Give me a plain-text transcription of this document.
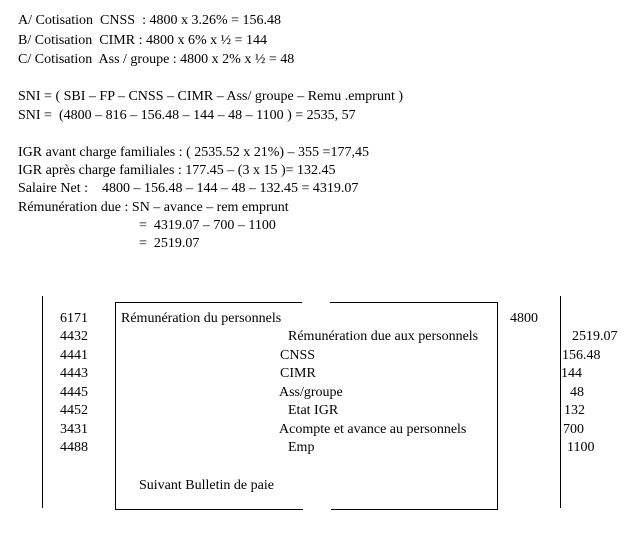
A/ Cotisation  CNSS  : 4800 x 3.26% = 156.48
B/ Cotisation  CIMR : 4800 x 6% x ½ = 144
C/ Cotisation  Ass / groupe : 4800 x 2% x ½ = 48
SNI = ( SBI – FP – CNSS – CIMR – Ass/ groupe – Remu .emprunt )
SNI =  (4800 – 816 – 156.48 – 144 – 48 – 1100 ) = 2535, 57
IGR avant charge familiales : ( 2535.52 x 21%) – 355 =177,45
IGR après charge familiales : 177.45 – (3 x 15 )= 132.45
Salaire Net :    4800 – 156.48 – 144 – 48 – 132.45 = 4319.07
Rémunération due : SN – avance – rem emprunt
=  4319.07 – 700 – 1100
=  2519.07
6171
4432
4441
4443
4445
4452
3431
4488
Rémunération du personnels
Rémunération due aux personnels
CNSS
CIMR
Ass/groupe
Etat IGR
Acompte et avance au personnels
Emp
4800
2519.07
156.48
144
48
132
700
1100
Suivant Bulletin de paie
